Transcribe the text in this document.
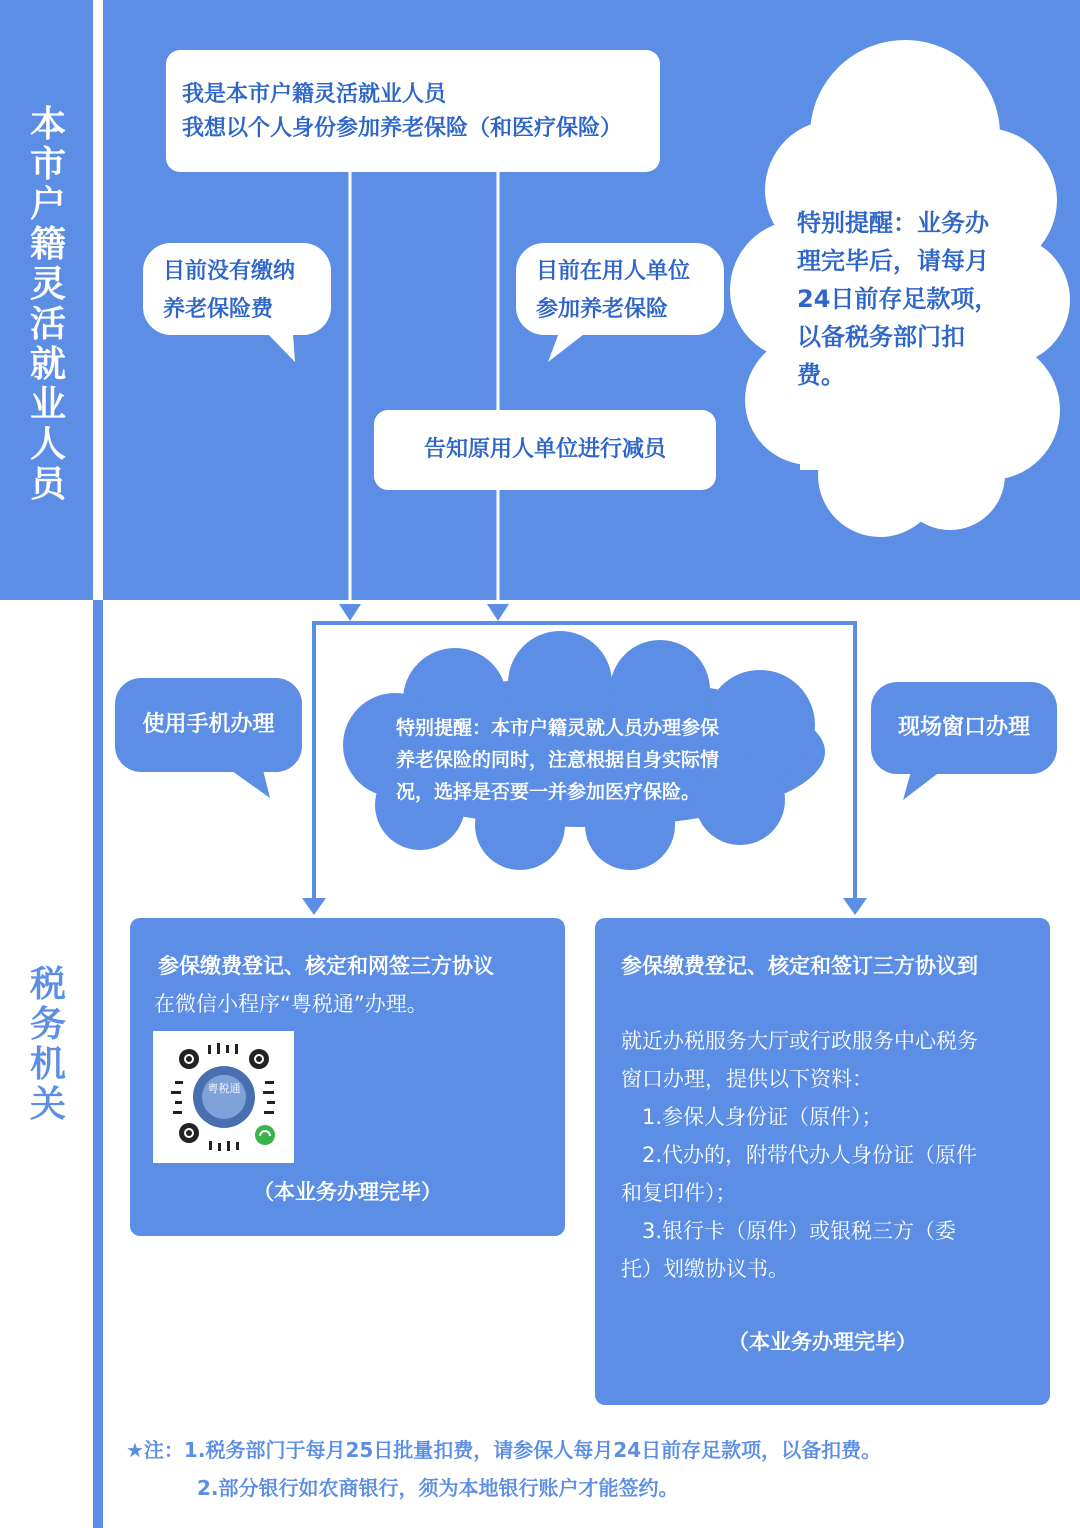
本
市
户
籍
灵
活
就
业
人
员
税
务
机
关
我是本市户籍灵活就业人员
我想以个人身份参加养老保险（和医疗保险）
目前没有缴纳
养老保险费
目前在用人单位
参加养老保险
告知原用人单位进行减员
特别提醒：业务办
理完毕后，请每月
24日前存足款项，
以备税务部门扣
费。
使用手机办理	现场窗口办理
特别提醒：本市户籍灵就人员办理参保
养老保险的同时，注意根据自身实际情
况，选择是否要一并参加医疗保险。
参保缴费登记、核定和网签三方协议
在微信小程序“粤税通”办理。
粤税通
（本业务办理完毕）
参保缴费登记、核定和签订三方协议到
就近办税服务大厅或行政服务中心税务
窗口办理，提供以下资料：
　1.参保人身份证（原件）；
　2.代办的，附带代办人身份证（原件
和复印件）；
　3.银行卡（原件）或银税三方（委
托）划缴协议书。
（本业务办理完毕）
★注：1.税务部门于每月25日批量扣费，请参保人每月24日前存足款项，以备扣费。
2.部分银行如农商银行，须为本地银行账户才能签约。
